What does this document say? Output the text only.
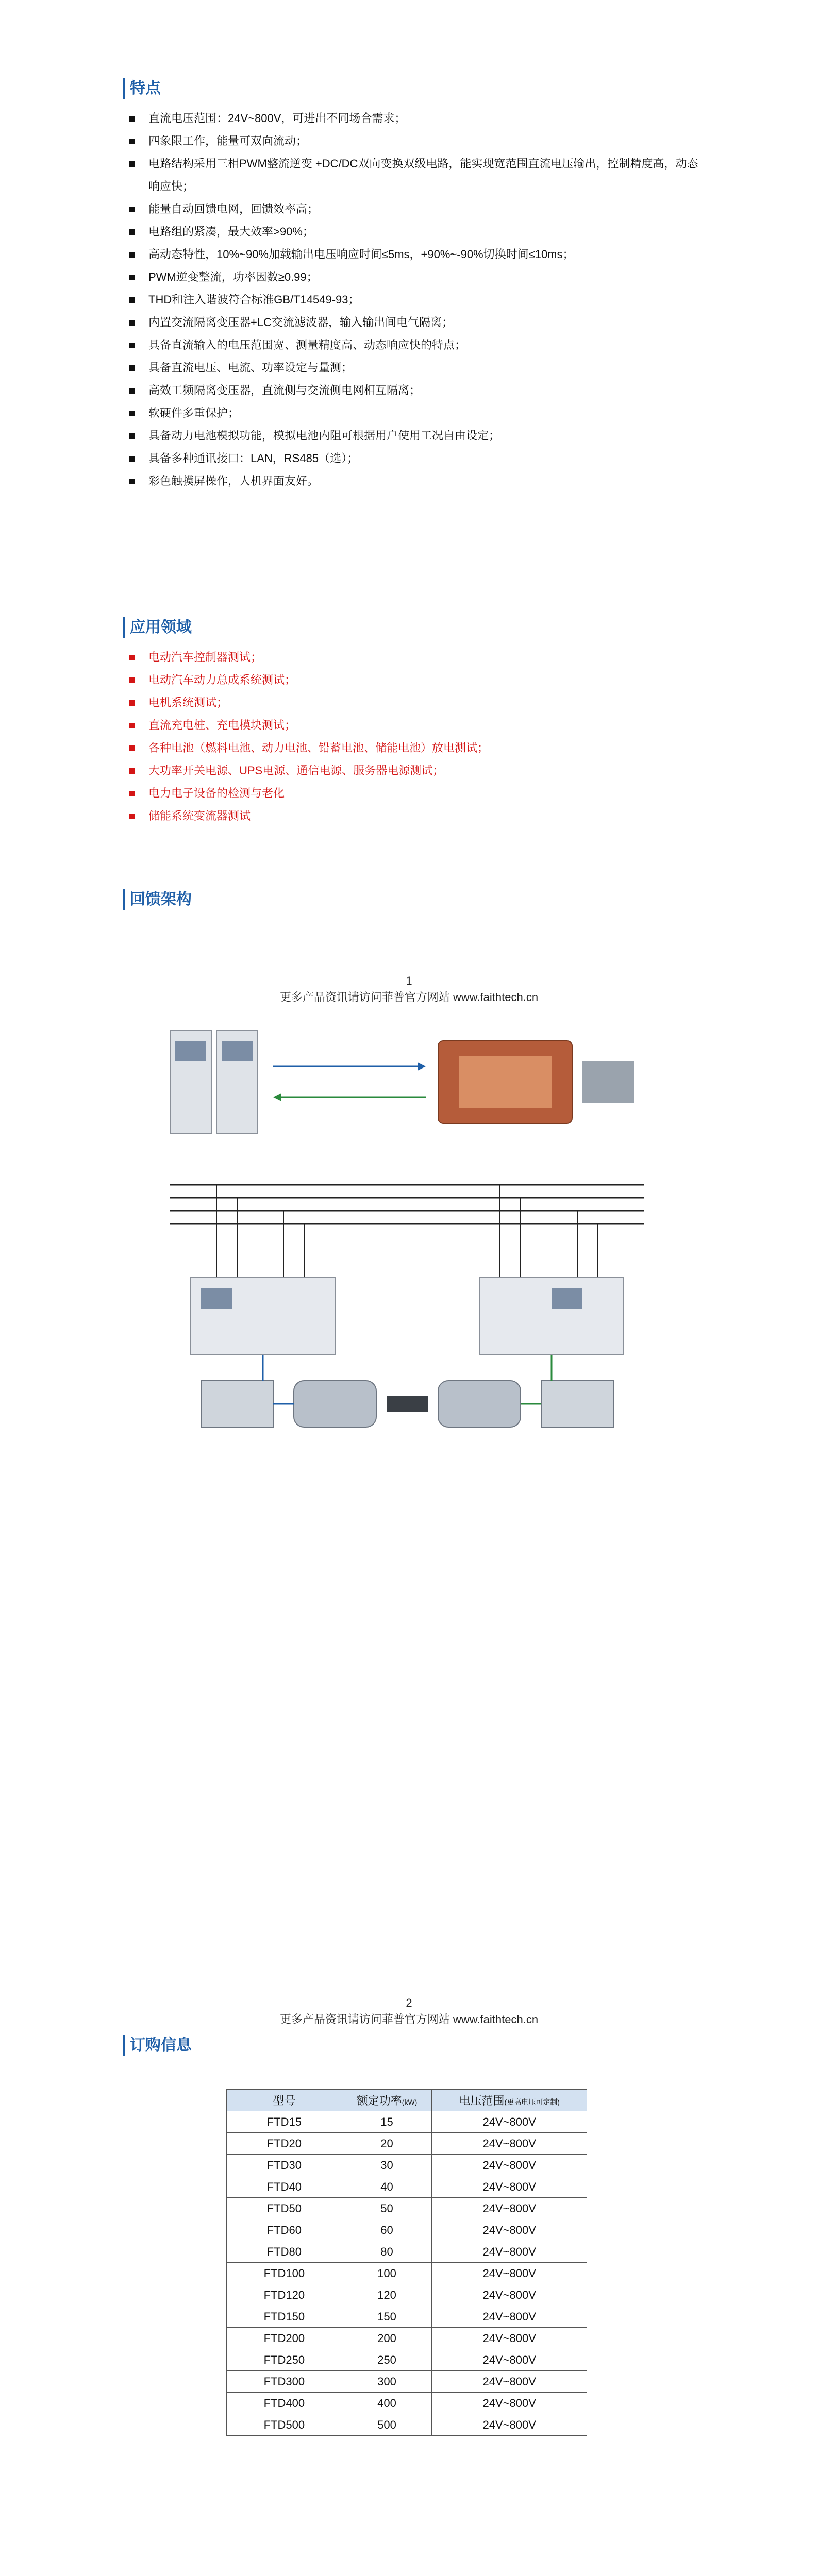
特点
直流电压范围：24V~800V，可进出不同场合需求；
四象限工作，能量可双向流动；
电路结构采用三相PWM整流逆变 +DC/DC双向变换双级电路，能实现宽范围直流电压输出，控制精度高，动态响应快；
能量自动回馈电网，回馈效率高；
电路组的紧凑，最大效率>90%；
高动态特性，10%~90%加载输出电压响应时间≤5ms，+90%~-90%切换时间≤10ms；
PWM逆变整流，功率因数≥0.99；
THD和注入谐波符合标准GB/T14549-93；
内置交流隔离变压器+LC交流滤波器，输入输出间电气隔离；
具备直流输入的电压范围宽、测量精度高、动态响应快的特点；
具备直流电压、电流、功率设定与量测；
高效工频隔离变压器，直流侧与交流侧电网相互隔离；
软硬件多重保护；
具备动力电池模拟功能，模拟电池内阻可根据用户使用工况自由设定；
具备多种通讯接口：LAN，RS485（选）；
彩色触摸屏操作，人机界面友好。
应用领域
电动汽车控制器测试；
电动汽车动力总成系统测试；
电机系统测试；
直流充电桩、充电模块测试；
各种电池（燃料电池、动力电池、铅蓄电池、储能电池）放电测试；
大功率开关电源、UPS电源、通信电源、服务器电源测试；
电力电子设备的检测与老化
储能系统变流器测试
回馈架构
1
更多产品资讯请访问菲普官方网站 www.faithtech.cn
2
更多产品资讯请访问菲普官方网站 www.faithtech.cn
订购信息
型号	额定功率(kW)	电压范围(更高电压可定制)
FTD15	15	24V~800V
FTD20	20	24V~800V
FTD30	30	24V~800V
FTD40	40	24V~800V
FTD50	50	24V~800V
FTD60	60	24V~800V
FTD80	80	24V~800V
FTD100	100	24V~800V
FTD120	120	24V~800V
FTD150	150	24V~800V
FTD200	200	24V~800V
FTD250	250	24V~800V
FTD300	300	24V~800V
FTD400	400	24V~800V
FTD500	500	24V~800V
